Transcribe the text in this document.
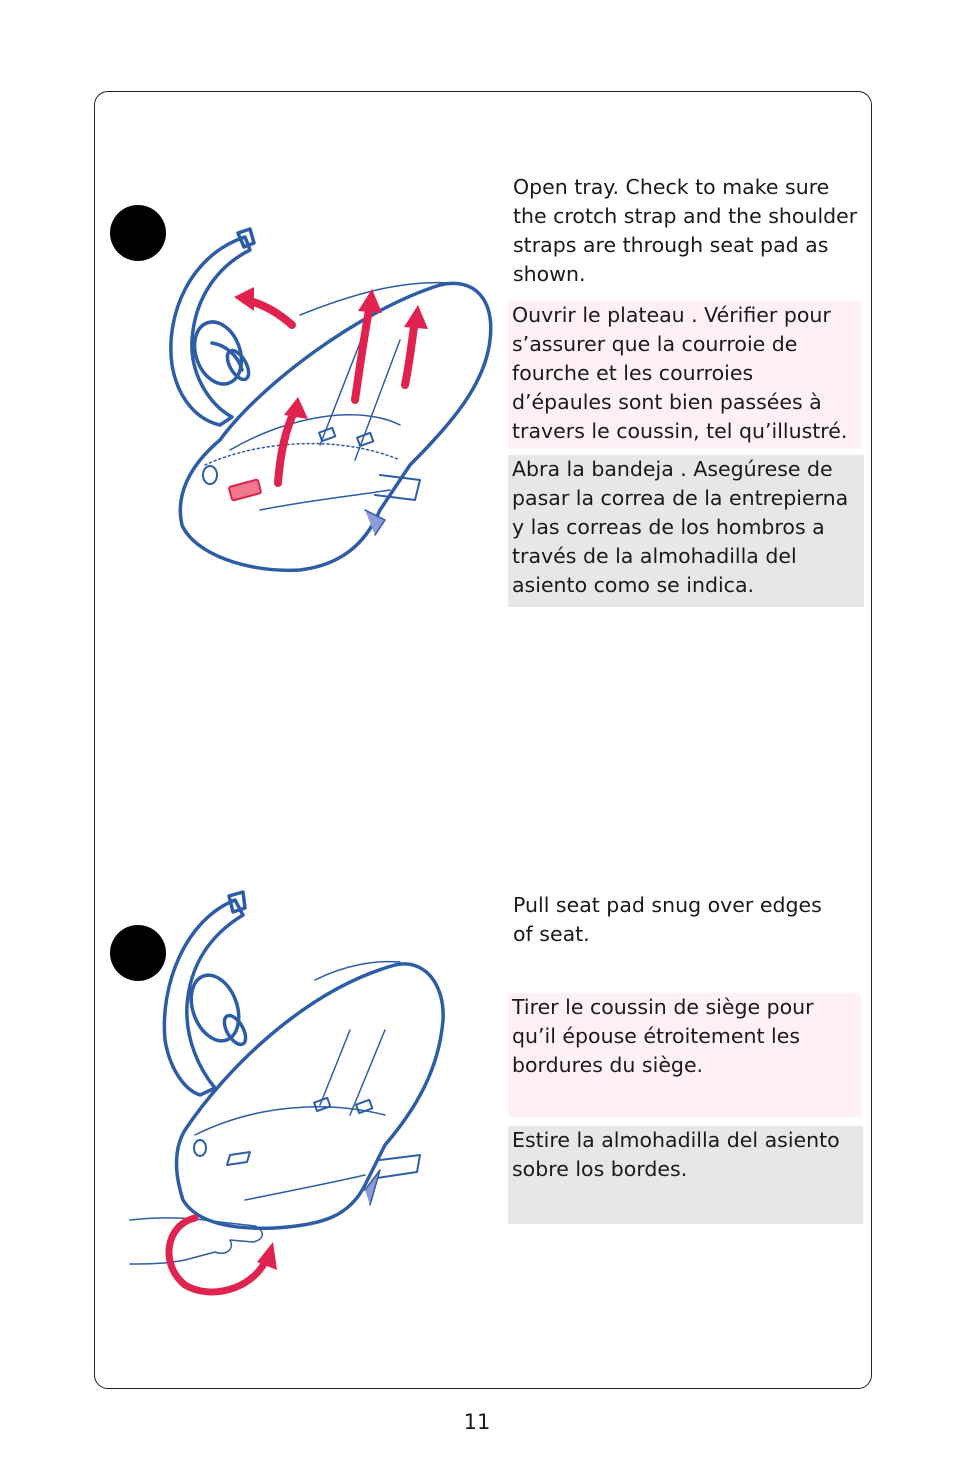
Open tray. Check to make sure the crotch strap and the shoulder straps are through seat pad as shown.

Ouvrir le plateau . Vérifier pour s’assurer que la courroie de fourche et les courroies d’épaules sont bien passées à travers le coussin, tel qu’illustré.

Abra la bandeja . Asegúrese de pasar la correa de la entrepierna y las correas de los hombros a través de la almohadilla del asiento como se indica.

Pull seat pad snug over edges of seat.

Tirer le coussin de siège pour qu’il épouse étroitement les bordures du siège.

Estire la almohadilla del asiento sobre los bordes.

11
